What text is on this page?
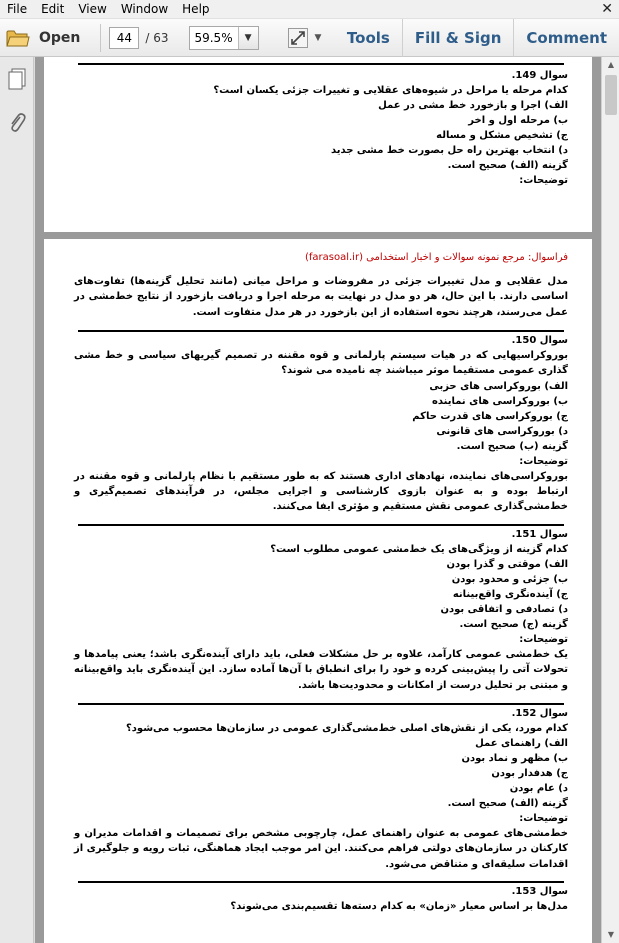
File	Edit	View	Window	Help	✕
Open	44	/ 63	59.5%	▼	▼	Tools	Fill & Sign	Comment
سوال 149.
کدام مرحله یا مراحل در شیوه‌های عقلایی و تغییرات جزئی یکسان است؟
الف) اجرا و بازخورد خط مشی در عمل
ب) مرحله اول و اخر
ج) تشخیص مشکل و مساله
د) انتخاب بهترین راه حل بصورت خط مشی جدید
گزینه (الف) صحیح است.
توضیحات:
فراسوال: مرجع نمونه سوالات و اخبار استخدامی (farasoal.ir)
مدل عقلایی و مدل تغییرات جزئی در مفروضات و مراحل میانی (مانند تحلیل گزینه‌ها) تفاوت‌های اساسی دارند. با این حال، هر دو مدل در نهایت به مرحله اجرا و دریافت بازخورد از نتایج خط‌مشی در عمل می‌رسند، هرچند نحوه استفاده از این بازخورد در هر مدل متفاوت است.
سوال 150.
بوروکراسیهایی که در هیات سیستم پارلمانی و قوه مقننه در تصمیم گیریهای سیاسی و خط مشی گذاری عمومی مستقیما موثر میباشند چه نامیده می شوند؟
الف) بوروکراسی های حزبی
ب) بوروکراسی های نماینده
ج) بوروکراسی های قدرت حاکم
د) بوروکراسی های قانونی
گزینه (ب) صحیح است.
توضیحات:
بوروکراسی‌های نماینده، نهادهای اداری هستند که به طور مستقیم با نظام پارلمانی و قوه مقننه در ارتباط بوده و به عنوان بازوی کارشناسی و اجرایی مجلس، در فرآیندهای تصمیم‌گیری و خط‌مشی‌گذاری عمومی نقش مستقیم و مؤثری ایفا می‌کنند.
سوال 151.
کدام گزینه از ویژگی‌های یک خط‌مشی عمومی مطلوب است؟
الف) موقتی و گذرا بودن
ب) جزئی و محدود بودن
ج) آینده‌نگری واقع‌بینانه
د) تصادفی و اتفاقی بودن
گزینه (ج) صحیح است.
توضیحات:
یک خط‌مشی عمومی کارآمد، علاوه بر حل مشکلات فعلی، باید دارای آینده‌نگری باشد؛ یعنی پیامدها و تحولات آتی را پیش‌بینی کرده و خود را برای انطباق با آن‌ها آماده سازد. این آینده‌نگری باید واقع‌بینانه و مبتنی بر تحلیل درست از امکانات و محدودیت‌ها باشد.
سوال 152.
کدام مورد، یکی از نقش‌های اصلی خط‌مشی‌گذاری عمومی در سازمان‌ها محسوب می‌شود؟
الف) راهنمای عمل
ب) مظهر و نماد بودن
ج) هدفدار بودن
د) عام بودن
گزینه (الف) صحیح است.
توضیحات:
خط‌مشی‌های عمومی به عنوان راهنمای عمل، چارچوبی مشخص برای تصمیمات و اقدامات مدیران و کارکنان در سازمان‌های دولتی فراهم می‌کنند. این امر موجب ایجاد هماهنگی، ثبات رویه و جلوگیری از اقدامات سلیقه‌ای و متناقض می‌شود.
سوال 153.
مدل‌ها بر اساس معیار «زمان» به کدام دسته‌ها تقسیم‌بندی می‌شوند؟
▲
▼
